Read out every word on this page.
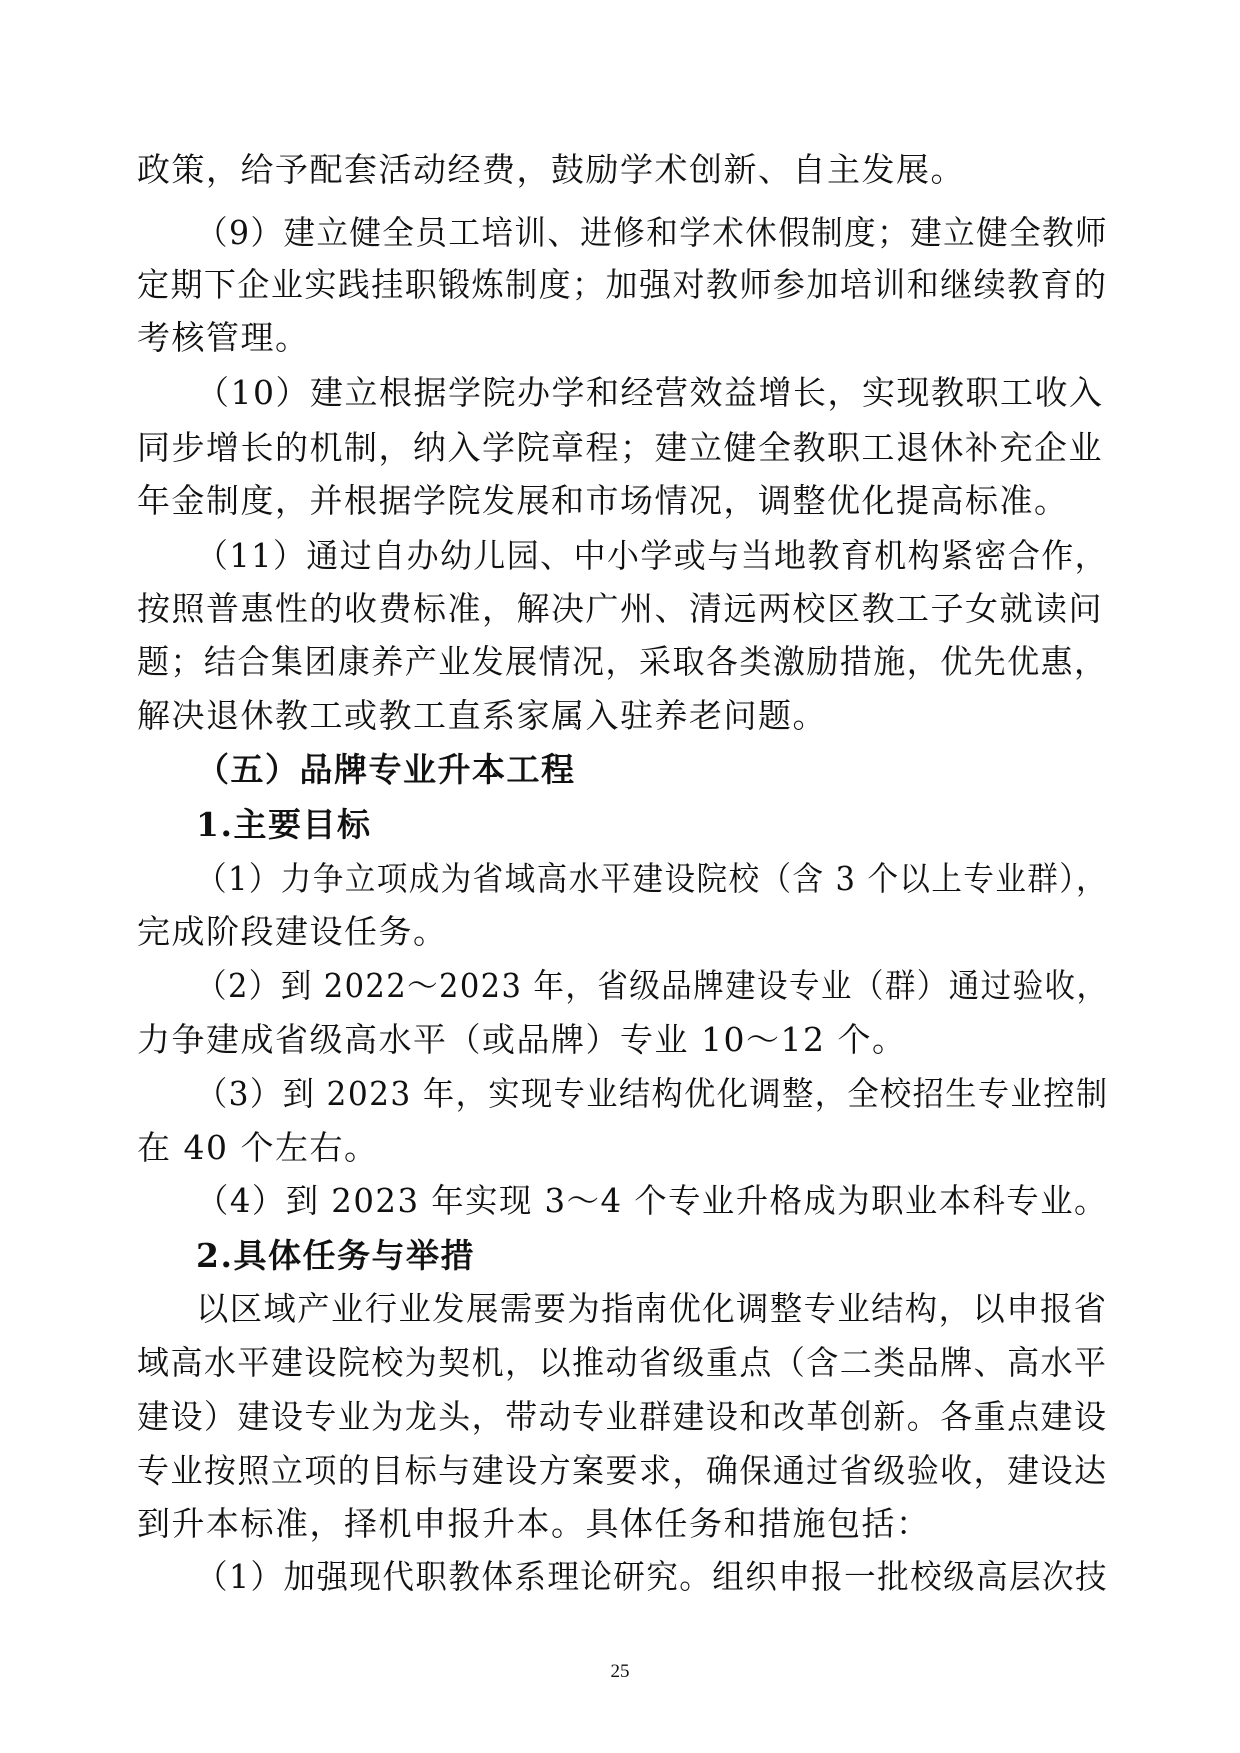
政策，给予配套活动经费，鼓励学术创新、自主发展。
（9）建立健全员工培训、进修和学术休假制度；建立健全教师
定期下企业实践挂职锻炼制度；加强对教师参加培训和继续教育的
考核管理。
（10）建立根据学院办学和经营效益增长，实现教职工收入
同步增长的机制，纳入学院章程；建立健全教职工退休补充企业
年金制度，并根据学院发展和市场情况，调整优化提高标准。
（11）通过自办幼儿园、中小学或与当地教育机构紧密合作，
按照普惠性的收费标准，解决广州、清远两校区教工子女就读问
题；结合集团康养产业发展情况，采取各类激励措施，优先优惠，
解决退休教工或教工直系家属入驻养老问题。
（五）品牌专业升本工程
1.主要目标
（1）力争立项成为省域高水平建设院校（含 3 个以上专业群），
完成阶段建设任务。
（2）到 2022～2023 年，省级品牌建设专业（群）通过验收，
力争建成省级高水平（或品牌）专业 10～12 个。
（3）到 2023 年，实现专业结构优化调整，全校招生专业控制
在 40 个左右。
（4）到 2023 年实现 3～4 个专业升格成为职业本科专业。
2.具体任务与举措
以区域产业行业发展需要为指南优化调整专业结构，以申报省
域高水平建设院校为契机，以推动省级重点（含二类品牌、高水平
建设）建设专业为龙头，带动专业群建设和改革创新。各重点建设
专业按照立项的目标与建设方案要求，确保通过省级验收，建设达
到升本标准，择机申报升本。具体任务和措施包括：
（1）加强现代职教体系理论研究。组织申报一批校级高层次技
25
